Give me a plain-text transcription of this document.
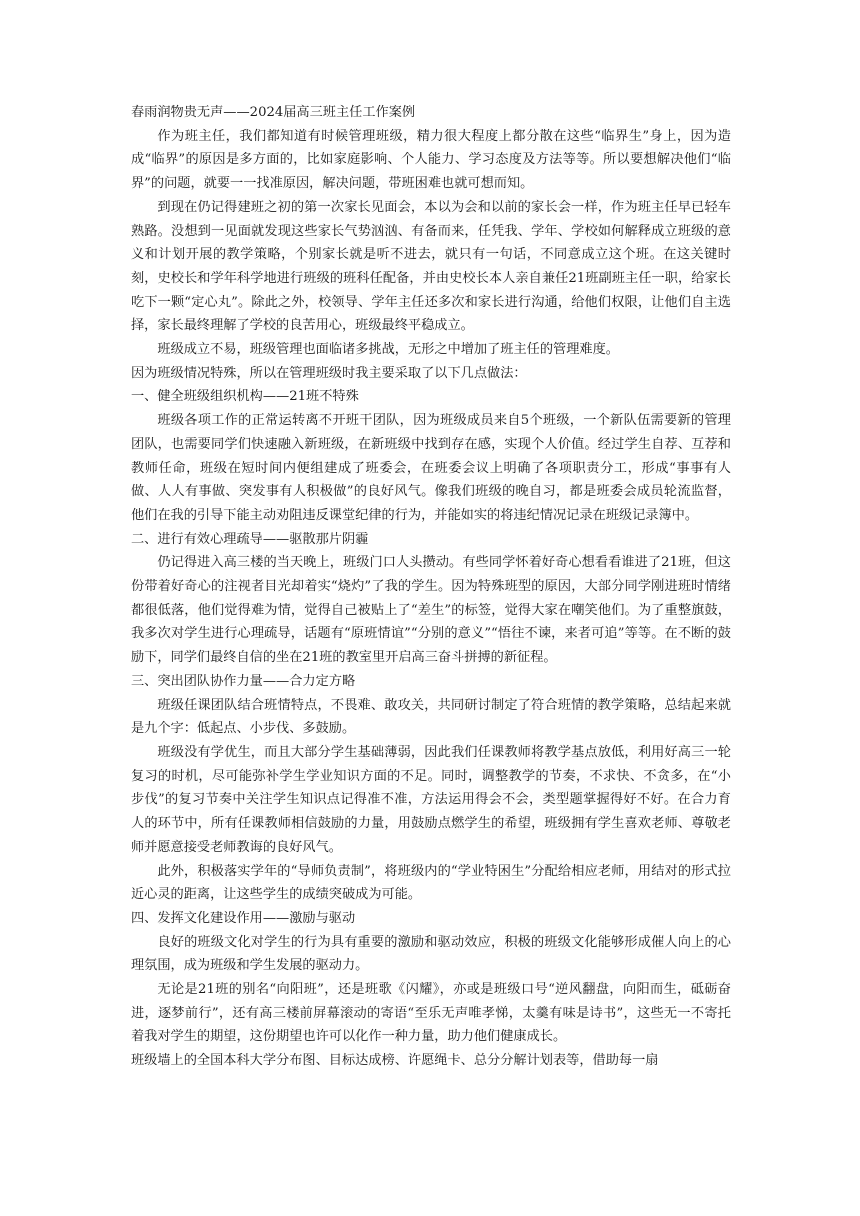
春雨润物贵无声——2024届高三班主任工作案例

作为班主任，我们都知道有时候管理班级，精力很大程度上都分散在这些“临界生”身上，因为造成“临界”的原因是多方面的，比如家庭影响、个人能力、学习态度及方法等等。所以要想解决他们“临界”的问题，就要一一找准原因，解决问题，带班困难也就可想而知。

到现在仍记得建班之初的第一次家长见面会，本以为会和以前的家长会一样，作为班主任早已轻车熟路。没想到一见面就发现这些家长气势汹汹、有备而来，任凭我、学年、学校如何解释成立班级的意义和计划开展的教学策略，个别家长就是听不进去，就只有一句话，不同意成立这个班。在这关键时刻，史校长和学年科学地进行班级的班科任配备，并由史校长本人亲自兼任21班副班主任一职，给家长吃下一颗“定心丸”。除此之外，校领导、学年主任还多次和家长进行沟通，给他们权限，让他们自主选择，家长最终理解了学校的良苦用心，班级最终平稳成立。

班级成立不易，班级管理也面临诸多挑战，无形之中增加了班主任的管理难度。

因为班级情况特殊，所以在管理班级时我主要采取了以下几点做法：

一、健全班级组织机构——21班不特殊

班级各项工作的正常运转离不开班干团队，因为班级成员来自5个班级，一个新队伍需要新的管理团队，也需要同学们快速融入新班级，在新班级中找到存在感，实现个人价值。经过学生自荐、互荐和教师任命，班级在短时间内便组建成了班委会，在班委会议上明确了各项职责分工，形成“事事有人做、人人有事做、突发事有人积极做”的良好风气。像我们班级的晚自习，都是班委会成员轮流监督，他们在我的引导下能主动劝阻违反课堂纪律的行为，并能如实的将违纪情况记录在班级记录簿中。

二、进行有效心理疏导——驱散那片阴霾

仍记得进入高三楼的当天晚上，班级门口人头攒动。有些同学怀着好奇心想看看谁进了21班，但这份带着好奇心的注视者目光却着实“烧灼”了我的学生。因为特殊班型的原因，大部分同学刚进班时情绪都很低落，他们觉得难为情，觉得自己被贴上了“差生”的标签，觉得大家在嘲笑他们。为了重整旗鼓，我多次对学生进行心理疏导，话题有“原班情谊”“分别的意义”“悟往不谏，来者可追”等等。在不断的鼓励下，同学们最终自信的坐在21班的教室里开启高三奋斗拼搏的新征程。

三、突出团队协作力量——合力定方略

班级任课团队结合班情特点，不畏难、敢攻关，共同研讨制定了符合班情的教学策略，总结起来就是九个字：低起点、小步伐、多鼓励。

班级没有学优生，而且大部分学生基础薄弱，因此我们任课教师将教学基点放低，利用好高三一轮复习的时机，尽可能弥补学生学业知识方面的不足。同时，调整教学的节奏，不求快、不贪多，在“小步伐”的复习节奏中关注学生知识点记得准不准，方法运用得会不会，类型题掌握得好不好。在合力育人的环节中，所有任课教师相信鼓励的力量，用鼓励点燃学生的希望，班级拥有学生喜欢老师、尊敬老师并愿意接受老师教诲的良好风气。

此外，积极落实学年的“导师负责制”，将班级内的“学业特困生”分配给相应老师，用结对的形式拉近心灵的距离，让这些学生的成绩突破成为可能。

四、发挥文化建设作用——激励与驱动

良好的班级文化对学生的行为具有重要的激励和驱动效应，积极的班级文化能够形成催人向上的心理氛围，成为班级和学生发展的驱动力。

无论是21班的别名“向阳班”，还是班歌《闪耀》，亦或是班级口号“逆风翻盘，向阳而生，砥砺奋进，逐梦前行”，还有高三楼前屏幕滚动的寄语“至乐无声唯孝悌，太羹有味是诗书”，这些无一不寄托着我对学生的期望，这份期望也许可以化作一种力量，助力他们健康成长。

班级墙上的全国本科大学分布图、目标达成榜、许愿绳卡、总分分解计划表等，借助每一扇
